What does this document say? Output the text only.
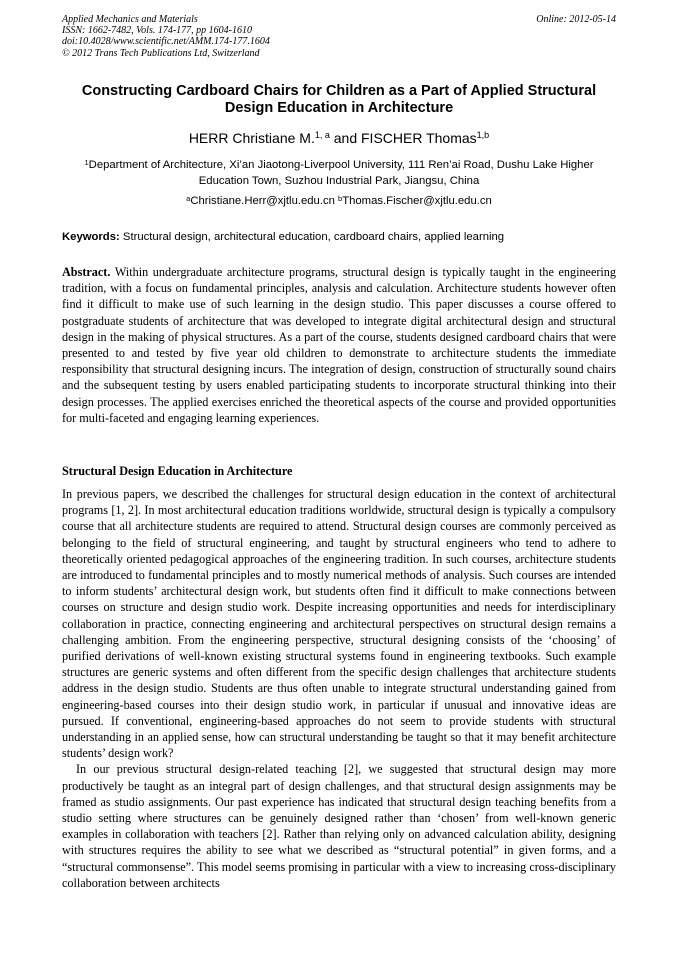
Applied Mechanics and Materials
ISSN: 1662-7482, Vols. 174-177, pp 1604-1610
doi:10.4028/www.scientific.net/AMM.174-177.1604
© 2012 Trans Tech Publications Ltd, Switzerland
Online: 2012-05-14
Constructing Cardboard Chairs for Children as a Part of Applied Structural Design Education in Architecture
HERR Christiane M.$^{1, a}$ and FISCHER Thomas$^{1,b}$
$^1$Department of Architecture, Xi’an Jiaotong-Liverpool University, 111 Ren’ai Road, Dushu Lake Higher Education Town, Suzhou Industrial Park, Jiangsu, China
$^a$Christiane.Herr@xjtlu.edu.cn $^b$Thomas.Fischer@xjtlu.edu.cn
Keywords: Structural design, architectural education, cardboard chairs, applied learning
Abstract. Within undergraduate architecture programs, structural design is typically taught in the engineering tradition, with a focus on fundamental principles, analysis and calculation. Architecture students however often find it difficult to make use of such learning in the design studio. This paper discusses a course offered to postgraduate students of architecture that was developed to integrate digital architectural design and structural design in the making of physical structures. As a part of the course, students designed cardboard chairs that were presented to and tested by five year old children to demonstrate to architecture students the immediate responsibility that structural designing incurs. The integration of design, construction of structurally sound chairs and the subsequent testing by users enabled participating students to incorporate structural thinking into their design processes. The applied exercises enriched the theoretical aspects of the course and provided opportunities for multi-faceted and engaging learning experiences.
Structural Design Education in Architecture

In previous papers, we described the challenges for structural design education in the context of architectural programs [1, 2]. In most architectural education traditions worldwide, structural design is typically a compulsory course that all architecture students are required to attend. Structural design courses are commonly perceived as belonging to the field of structural engineering, and taught by structural engineers who tend to adhere to theoretically oriented pedagogical approaches of the engineering tradition. In such courses, architecture students are introduced to fundamental principles and to mostly numerical methods of analysis. Such courses are intended to inform students’ architectural design work, but students often find it difficult to make connections between courses on structure and design studio work. Despite increasing opportunities and needs for interdisciplinary collaboration in practice, connecting engineering and architectural perspectives on structural design remains a challenging ambition. From the engineering perspective, structural designing consists of the ‘choosing’ of purified derivations of well-known existing structural systems found in engineering textbooks. Such example structures are generic systems and often different from the specific design challenges that architecture students address in the design studio. Students are thus often unable to integrate structural understanding gained from engineering-based courses into their design studio work, in particular if unusual and innovative ideas are pursued. If conventional, engineering-based approaches do not seem to provide students with structural understanding in an applied sense, how can structural understanding be taught so that it may benefit architecture students’ design work?

In our previous structural design-related teaching [2], we suggested that structural design may more productively be taught as an integral part of design challenges, and that structural design assignments may be framed as studio assignments. Our past experience has indicated that structural design teaching benefits from a studio setting where structures can be genuinely designed rather than ‘chosen’ from well-known generic examples in collaboration with teachers [2]. Rather than relying only on advanced calculation ability, designing with structures requires the ability to see what we described as “structural potential” in given forms, and a “structural commonsense”. This model seems promising in particular with a view to increasing cross-disciplinary collaboration between architects
